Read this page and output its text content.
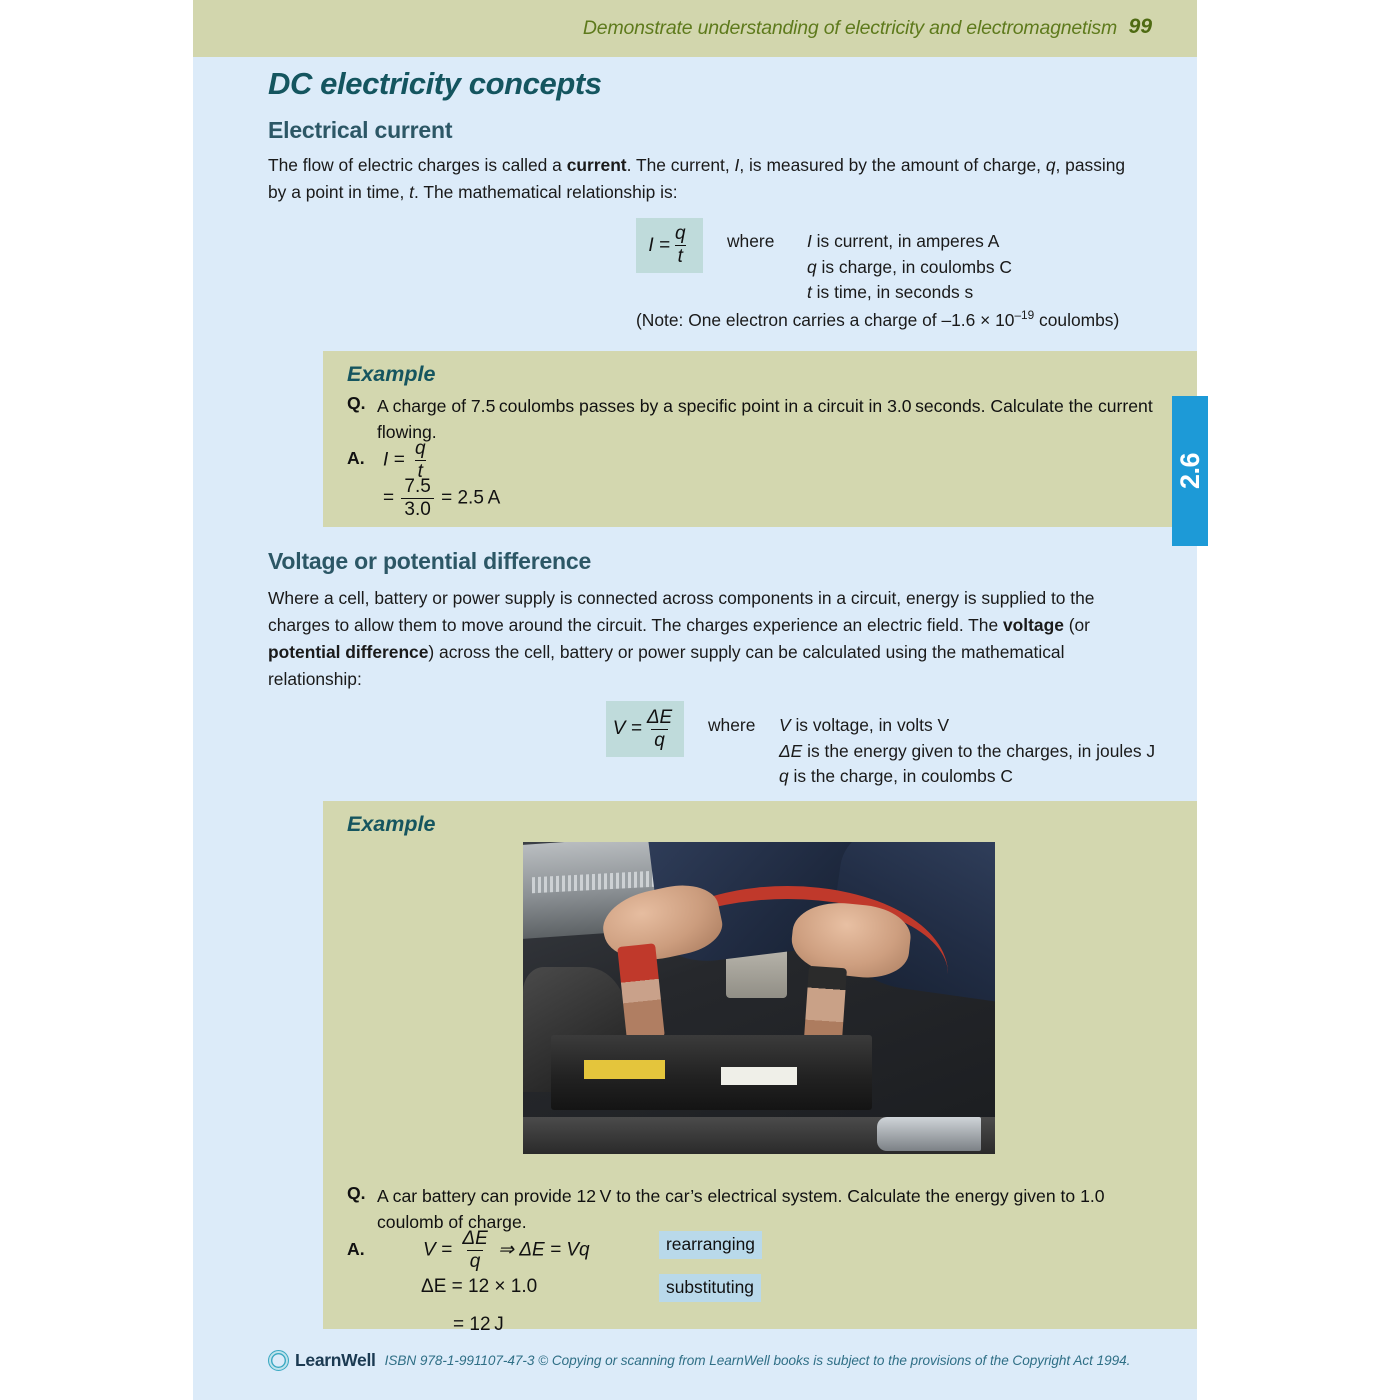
Demonstrate understanding of electricity and electromagnetism 99
DC electricity concepts
Electrical current

The flow of electric charges is called a current. The current, I, is measured by the amount of charge, q, passing by a point in time, t. The mathematical relationship is:

$I = \frac{q}{t}$ where I is current, in amperes A
q is charge, in coulombs C
t is time, in seconds s
(Note: One electron carries a charge of $-1.6 \times 10^{-19}$ coulombs)
Example
Q. A charge of 7.5 coulombs passes by a specific point in a circuit in 3.0 seconds. Calculate the current flowing.
A. $I = \frac{q}{t}$
= $\frac{7.5}{3.0} = 2.5$ A
Voltage or potential difference

Where a cell, battery or power supply is connected across components in a circuit, energy is supplied to the charges to allow them to move around the circuit. The charges experience an electric field. The voltage (or potential difference) across the cell, battery or power supply can be calculated using the mathematical relationship:

$V = \frac{\Delta E}{q}$ where V is voltage, in volts V
ΔE is the energy given to the charges, in joules J
q is the charge, in coulombs C
Example
Q. A car battery can provide 12 V to the car’s electrical system. Calculate the energy given to 1.0 coulomb of charge.
A.	$V = \frac{\Delta E}{q}$ ⇒ ΔE = Vq
ΔE = 12 × 1.0
= 12 J
rearranging
substituting
LearnWell ISBN 978-1-991107-47-3 © Copying or scanning from LearnWell books is subject to the provisions of the Copyright Act 1994.
2.6
